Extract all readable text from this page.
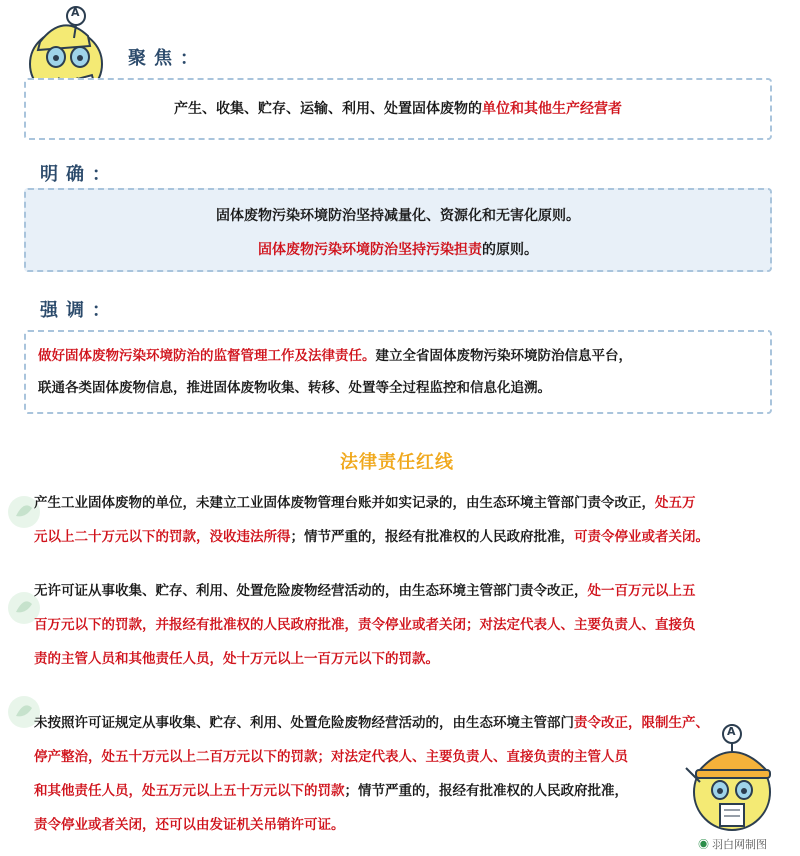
A
聚焦：
产生、收集、贮存、运输、利用、处置固体废物的单位和其他生产经营者
明确：
固体废物污染环境防治坚持减量化、资源化和无害化原则。
固体废物污染环境防治坚持污染担责的原则。
强调：
做好固体废物污染环境防治的监督管理工作及法律责任。建立全省固体废物污染环境防治信息平台，
联通各类固体废物信息，推进固体废物收集、转移、处置等全过程监控和信息化追溯。
法律责任红线
产生工业固体废物的单位，未建立工业固体废物管理台账并如实记录的，由生态环境主管部门责令改正，处五万
元以上二十万元以下的罚款，没收违法所得；情节严重的，报经有批准权的人民政府批准，可责令停业或者关闭。
无许可证从事收集、贮存、利用、处置危险废物经营活动的，由生态环境主管部门责令改正，处一百万元以上五
百万元以下的罚款，并报经有批准权的人民政府批准，责令停业或者关闭；对法定代表人、主要负责人、直接负
责的主管人员和其他责任人员，处十万元以上一百万元以下的罚款。
未按照许可证规定从事收集、贮存、利用、处置危险废物经营活动的，由生态环境主管部门责令改正，限制生产、
停产整治，处五十万元以上二百万元以下的罚款；对法定代表人、主要负责人、直接负责的主管人员
和其他责任人员，处五万元以上五十万元以下的罚款；情节严重的，报经有批准权的人民政府批准，
责令停业或者关闭，还可以由发证机关吊销许可证。
A
◉ 羽白网制图
